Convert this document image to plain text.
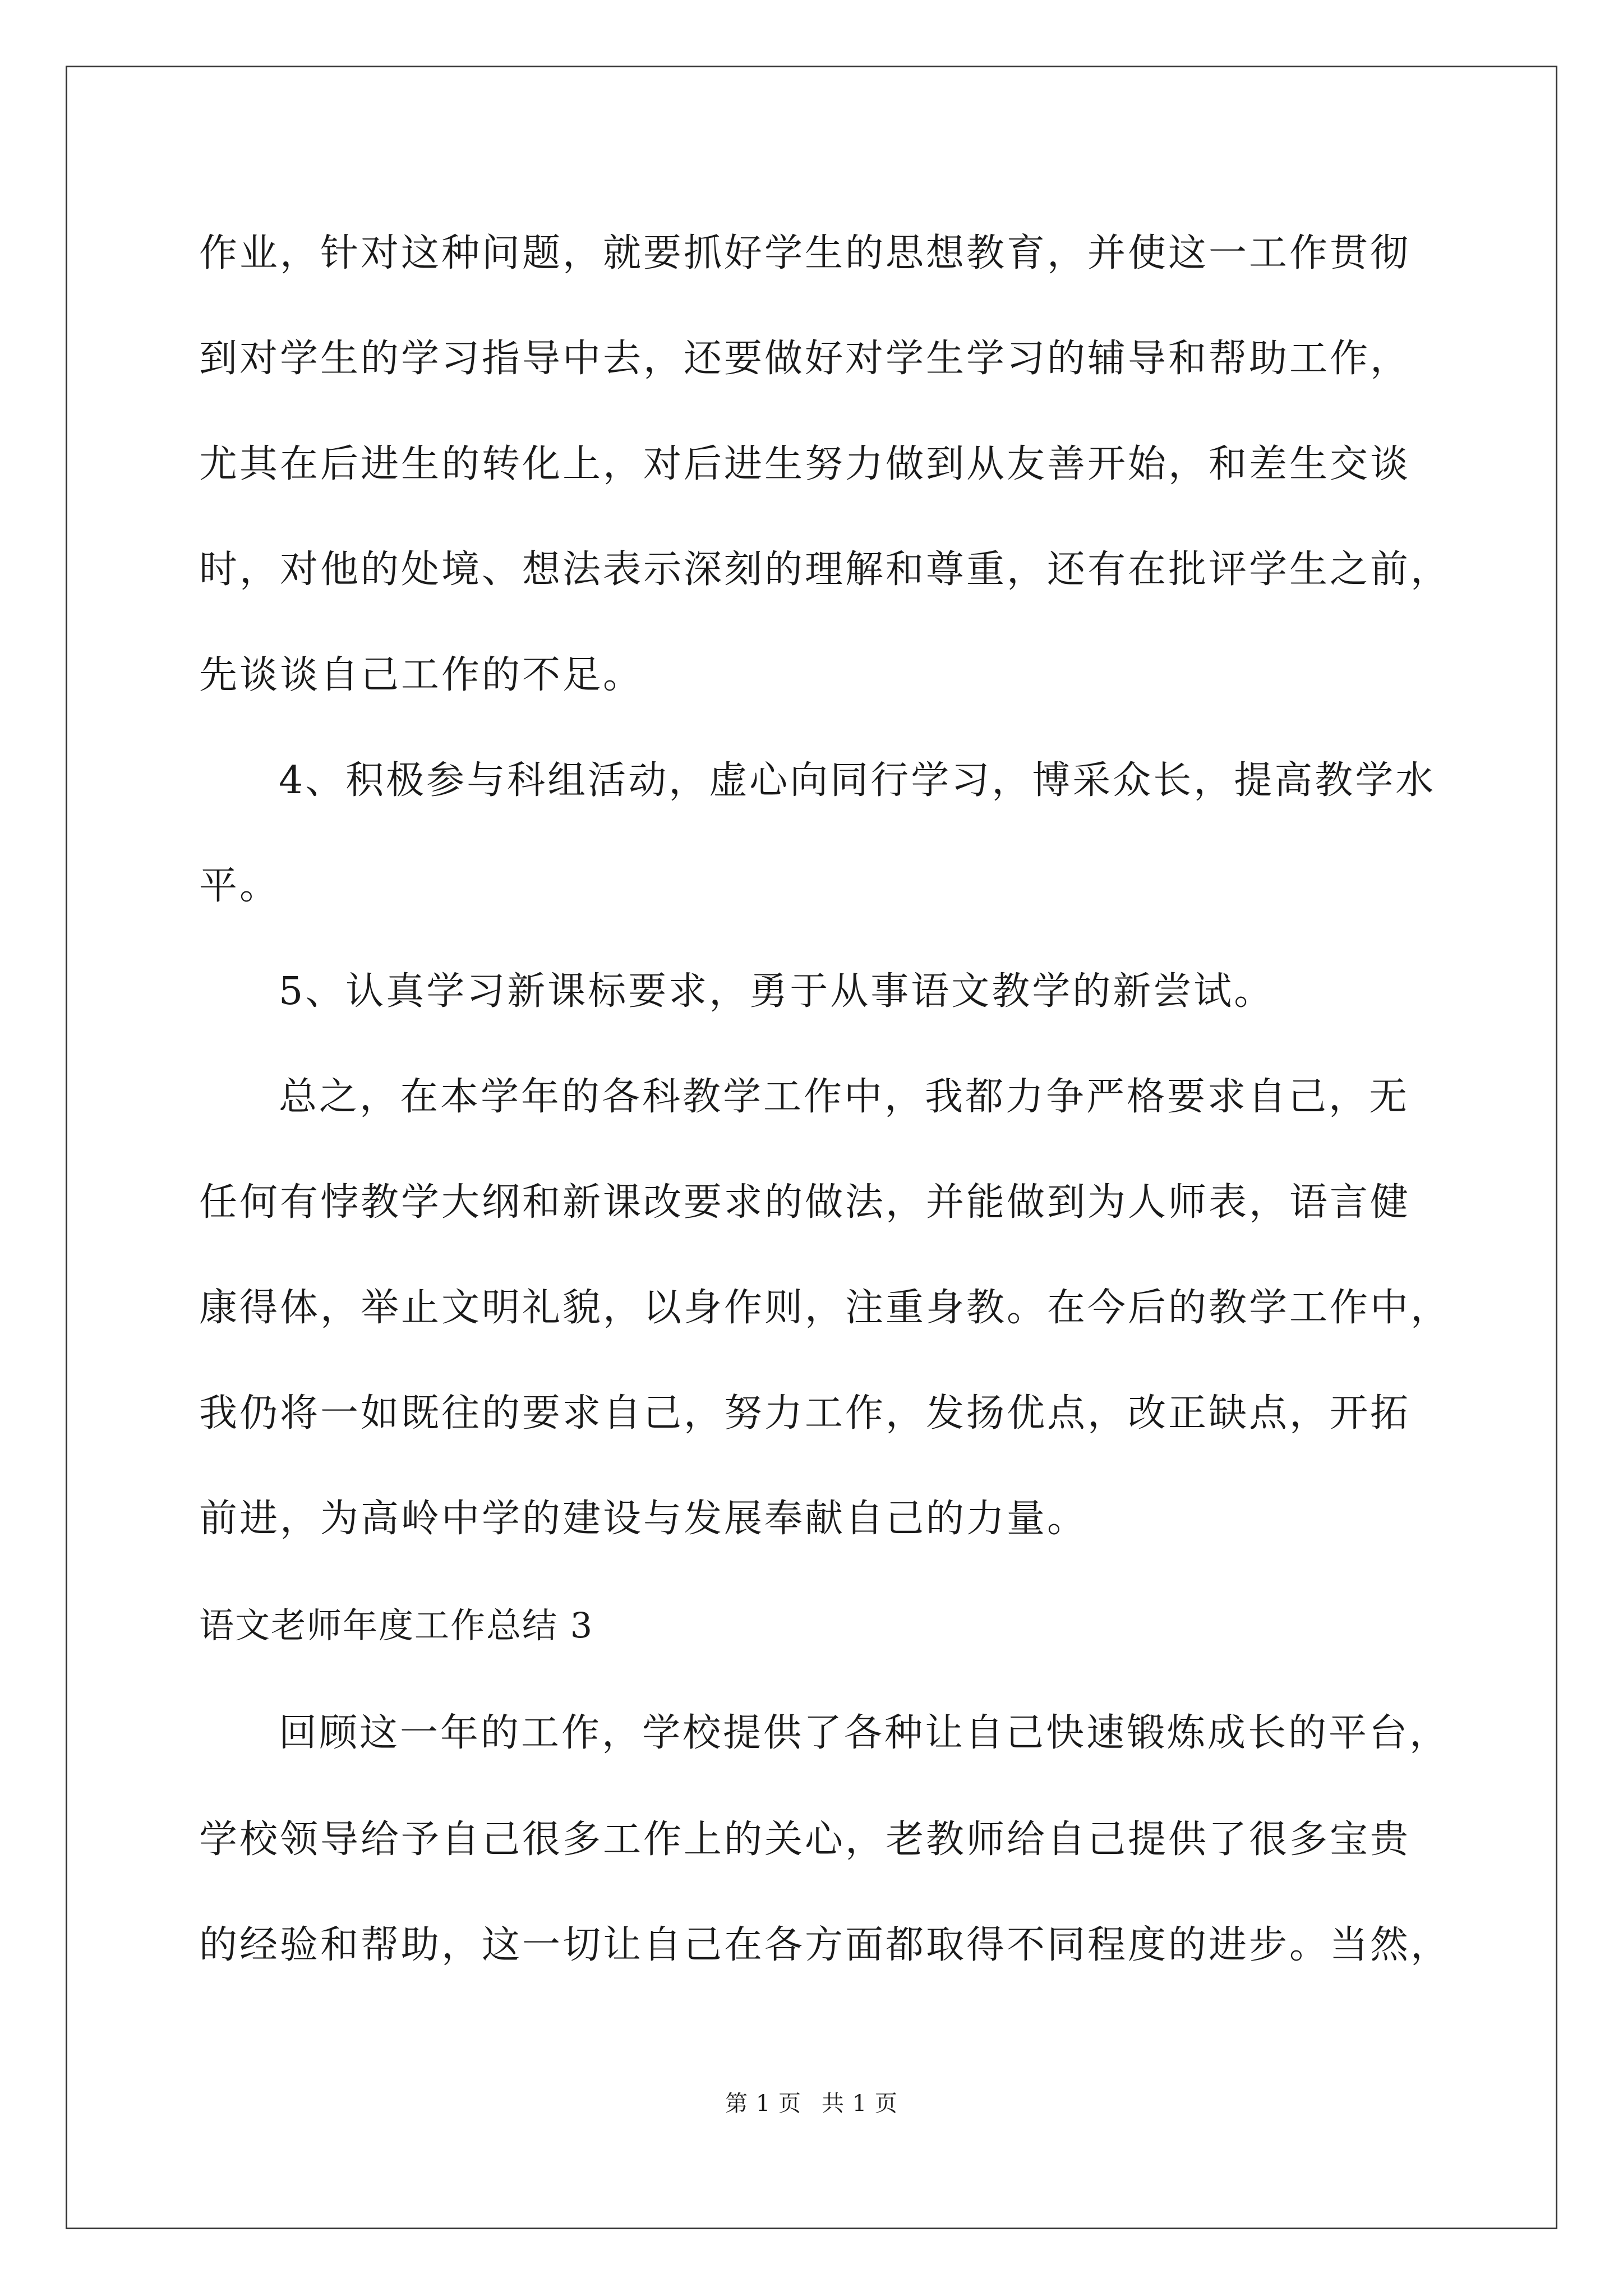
作业，针对这种问题，就要抓好学生的思想教育，并使这一工作贯彻
到对学生的学习指导中去，还要做好对学生学习的辅导和帮助工作，
尤其在后进生的转化上，对后进生努力做到从友善开始，和差生交谈
时，对他的处境、想法表示深刻的理解和尊重，还有在批评学生之前，
先谈谈自己工作的不足。
4、积极参与科组活动，虚心向同行学习，博采众长，提高教学水
平。
5、认真学习新课标要求，勇于从事语文教学的新尝试。
总之，在本学年的各科教学工作中，我都力争严格要求自己，无
任何有悖教学大纲和新课改要求的做法，并能做到为人师表，语言健
康得体，举止文明礼貌，以身作则，注重身教。在今后的教学工作中，
我仍将一如既往的要求自己，努力工作，发扬优点，改正缺点，开拓
前进，为高岭中学的建设与发展奉献自己的力量。
语文老师年度工作总结 3
回顾这一年的工作，学校提供了各种让自己快速锻炼成长的平台，
学校领导给予自己很多工作上的关心，老教师给自己提供了很多宝贵
的经验和帮助，这一切让自己在各方面都取得不同程度的进步。当然，
第 1 页 共 1 页
